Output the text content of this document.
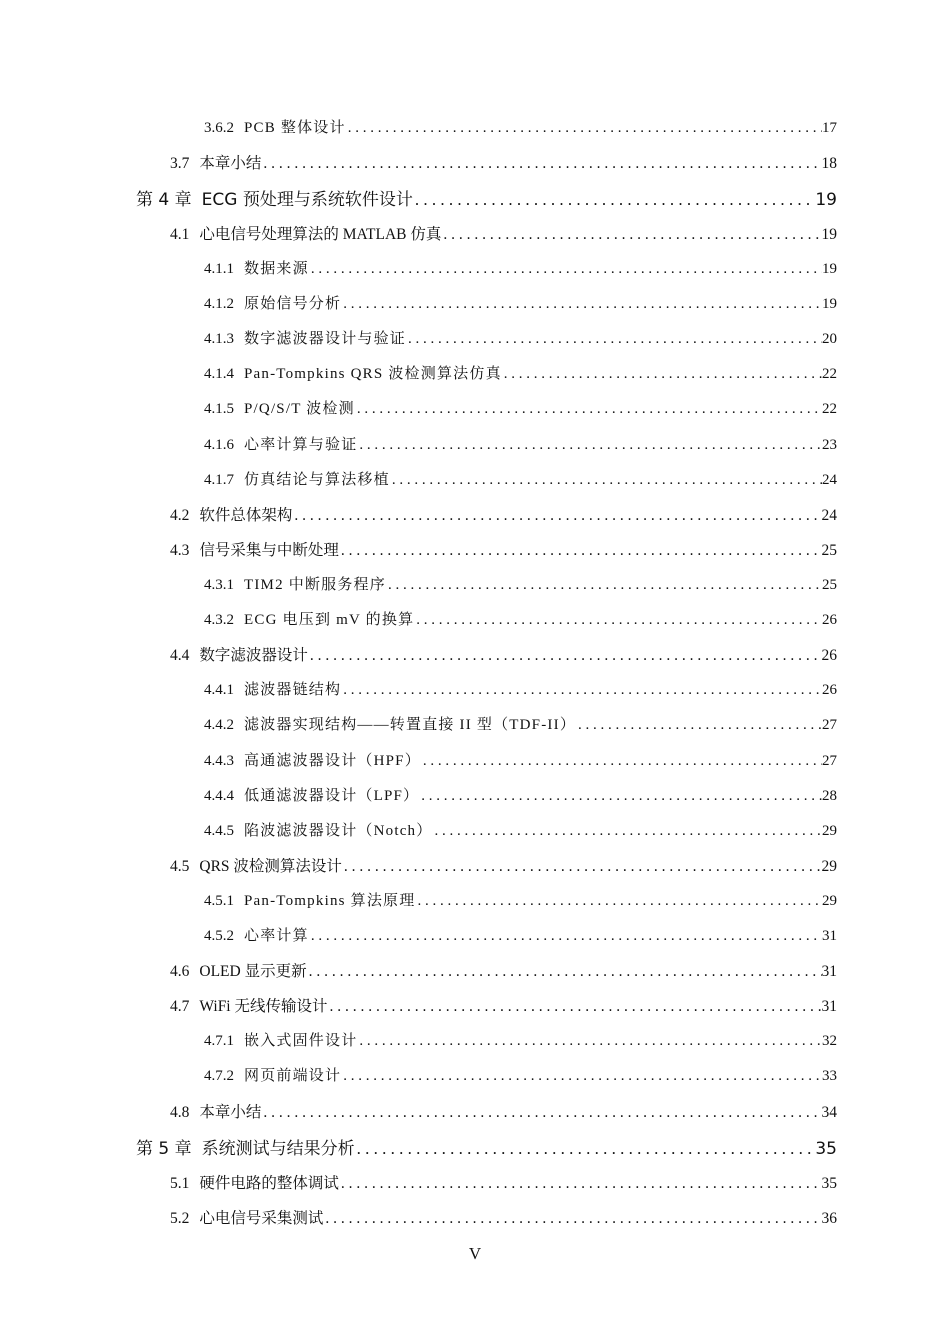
3.6.2 PCB 整体设计 . . .	17
3.7 本章小结 . . .	18
第 4 章 ECG 预处理与系统软件设计 . . .	19
4.1 心电信号处理算法的 MATLAB 仿真 . . .	19
4.1.1 数据来源 . . .	19
4.1.2 原始信号分析 . . .	19
4.1.3 数字滤波器设计与验证 . . .	20
4.1.4 Pan-Tompkins QRS 波检测算法仿真 . . .	22
4.1.5 P/Q/S/T 波检测 . . .	22
4.1.6 心率计算与验证 . . .	23
4.1.7 仿真结论与算法移植 . . .	24
4.2 软件总体架构 . . .	24
4.3 信号采集与中断处理 . . .	25
4.3.1 TIM2 中断服务程序 . . .	25
4.3.2 ECG 电压到 mV 的换算 . . .	26
4.4 数字滤波器设计 . . .	26
4.4.1 滤波器链结构 . . .	26
4.4.2 滤波器实现结构——转置直接 II 型（TDF-II） . . .	27
4.4.3 高通滤波器设计（HPF） . . .	27
4.4.4 低通滤波器设计（LPF） . . .	28
4.4.5 陷波滤波器设计（Notch） . . .	29
4.5 QRS 波检测算法设计 . . .	29
4.5.1 Pan-Tompkins 算法原理 . . .	29
4.5.2 心率计算 . . .	31
4.6 OLED 显示更新 . . .	31
4.7 WiFi 无线传输设计 . . .	31
4.7.1 嵌入式固件设计 . . .	32
4.7.2 网页前端设计 . . .	33
4.8 本章小结 . . .	34
第 5 章 系统测试与结果分析 . . .	35
5.1 硬件电路的整体调试 . . .	35
5.2 心电信号采集测试 . . .	36
V
